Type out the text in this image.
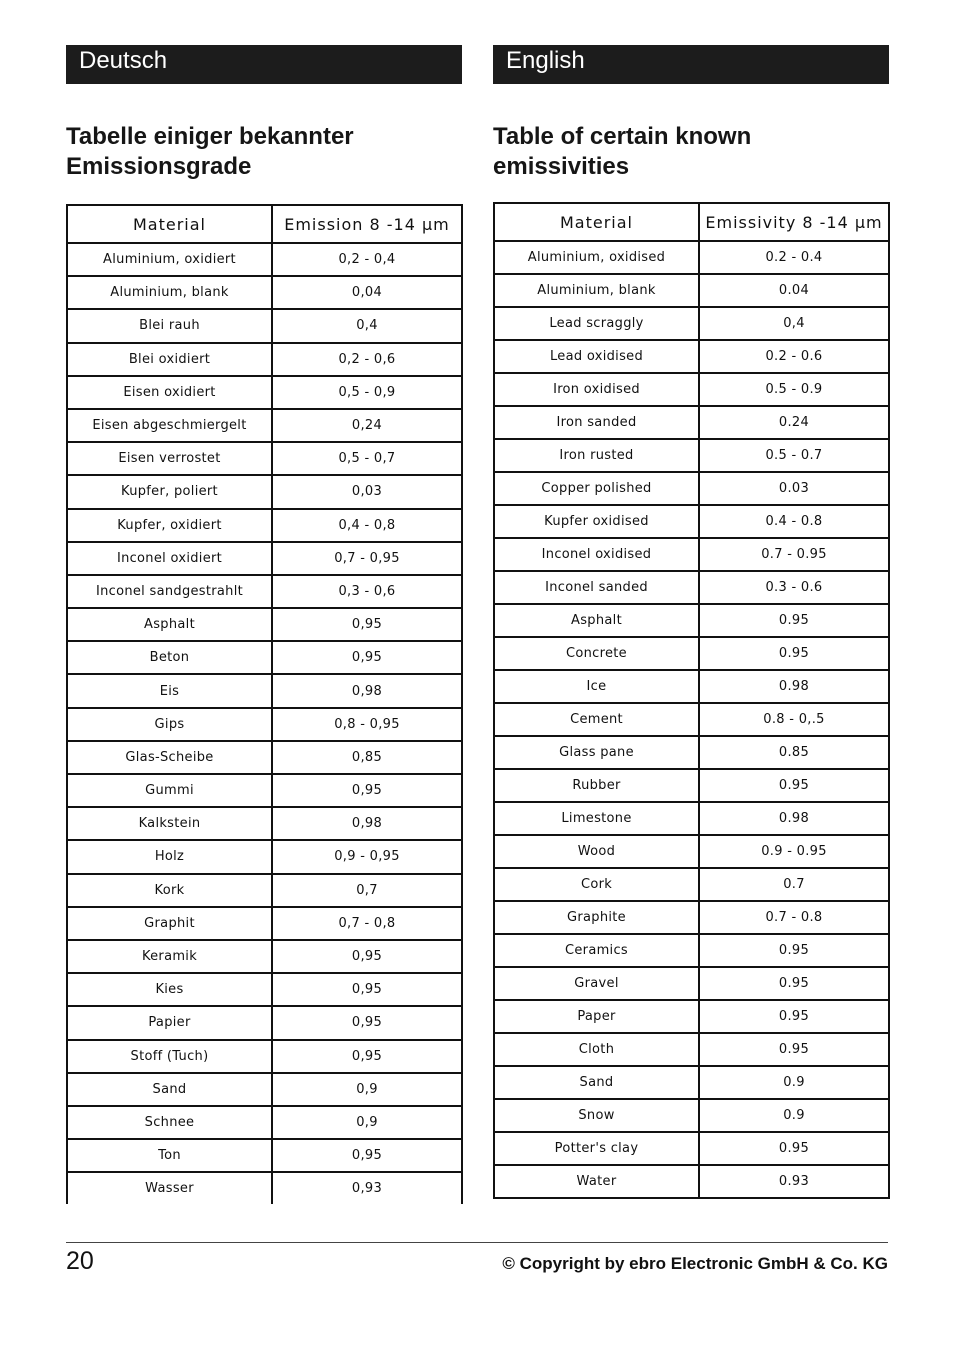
Deutsch
Tabelle einiger bekannter
Emissionsgrade
Material	Emission 8 -14 µm
Aluminium, oxidiert	0,2 - 0,4
Aluminium, blank	0,04
Blei rauh	0,4
Blei oxidiert	0,2 - 0,6
Eisen oxidiert	0,5 - 0,9
Eisen abgeschmiergelt	0,24
Eisen verrostet	0,5 - 0,7
Kupfer, poliert	0,03
Kupfer, oxidiert	0,4 - 0,8
Inconel oxidiert	0,7 - 0,95
Inconel sandgestrahlt	0,3 - 0,6
Asphalt	0,95
Beton	0,95
Eis	0,98
Gips	0,8 - 0,95
Glas-Scheibe	0,85
Gummi	0,95
Kalkstein	0,98
Holz	0,9 - 0,95
Kork	0,7
Graphit	0,7 - 0,8
Keramik	0,95
Kies	0,95
Papier	0,95
Stoff (Tuch)	0,95
Sand	0,9
Schnee	0,9
Ton	0,95
Wasser	0,93
English
Table of certain known
emissivities
Material	Emissivity 8 -14 µm
Aluminium, oxidised	0.2 - 0.4
Aluminium, blank	0.04
Lead scraggly	0,4
Lead oxidised	0.2 - 0.6
Iron oxidised	0.5 - 0.9
Iron sanded	0.24
Iron rusted	0.5 - 0.7
Copper polished	0.03
Kupfer oxidised	0.4 - 0.8
Inconel oxidised	0.7 - 0.95
Inconel sanded	0.3 - 0.6
Asphalt	0.95
Concrete	0.95
Ice	0.98
Cement	0.8 - 0,.5
Glass pane	0.85
Rubber	0.95
Limestone	0.98
Wood	0.9 - 0.95
Cork	0.7
Graphite	0.7 - 0.8
Ceramics	0.95
Gravel	0.95
Paper	0.95
Cloth	0.95
Sand	0.9
Snow	0.9
Potter's clay	0.95
Water	0.93
20	© Copyright by ebro Electronic GmbH & Co. KG
